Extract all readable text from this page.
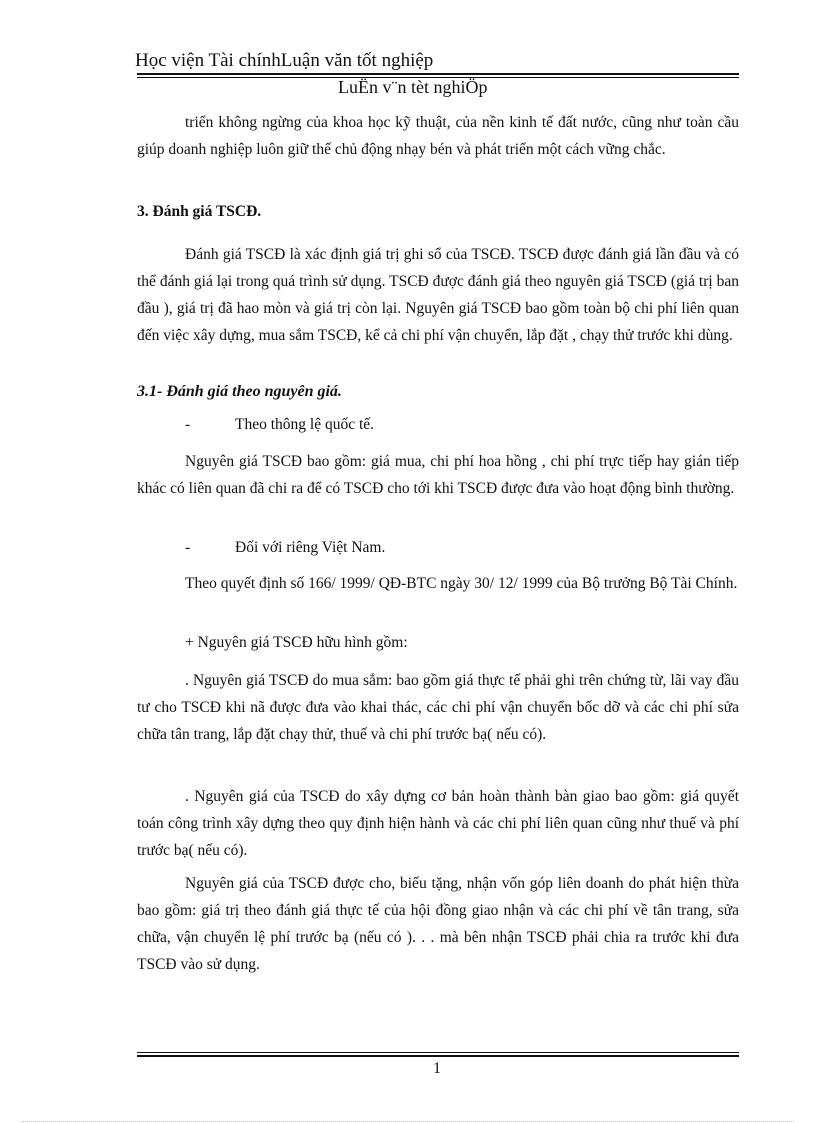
Học viện Tài chínhLuận văn tốt nghiệp
LuËn v¨n tèt nghiÖp
triển không ngừng của khoa học kỹ thuật, của nền kinh tế đất nước, cũng như toàn cầu giúp doanh nghiệp luôn giữ thế chủ động nhạy bén và phát triển một cách vững chắc.
3. Đánh giá TSCĐ.
Đánh giá TSCĐ là xác định giá trị ghi sổ của TSCĐ. TSCĐ được đánh giá lần đầu và có thể đánh giá lại trong quá trình sử dụng. TSCĐ được đánh giá theo nguyên giá TSCĐ (giá trị ban đầu ), giá trị đã hao mòn và giá trị còn lại. Nguyên giá TSCĐ bao gồm toàn bộ chi phí liên quan đến việc xây dựng, mua sắm TSCĐ, kể cả chi phí vận chuyển, lắp đặt , chạy thử trước khi dùng.
3.1- Đánh giá theo nguyên giá.
-	Theo thông lệ quốc tế.
Nguyên giá TSCĐ bao gồm: giá mua, chi phí hoa hồng , chi phí trực tiếp hay gián tiếp khác có liên quan đã chi ra để có TSCĐ cho tới khi TSCĐ được đưa vào hoạt động bình thường.
-	Đối với riêng Việt Nam.
Theo quyết định số 166/ 1999/ QĐ-BTC ngày 30/ 12/ 1999 của Bộ trưởng Bộ Tài Chính.
+ Nguyên giá TSCĐ hữu hình gồm:
. Nguyên giá TSCĐ do mua sắm: bao gồm giá thực tế phải ghi trên chứng từ, lãi vay đầu tư cho TSCĐ khi nã được đưa vào khai thác, các chi phí vận chuyển bốc dỡ và các chi phí sửa chữa tân trang, lắp đặt chạy thử, thuế và chi phí trước bạ( nếu có).
. Nguyên giá của TSCĐ do xây dựng cơ bản hoàn thành bàn giao bao gồm: giá quyết toán công trình xây dựng theo quy định hiện hành và các chi phí liên quan cũng như thuế và phí trước bạ( nếu có).
Nguyên giá của TSCĐ được cho, biếu tặng, nhận vốn góp liên doanh do phát hiện thừa bao gồm: giá trị theo đánh giá thực tế của hội đồng giao nhận và các chi phí về tân trang, sửa chữa, vận chuyển lệ phí trước bạ (nếu có ). . . mà bên nhận TSCĐ phải chia ra trước khi đưa TSCĐ vào sử dụng.
1
